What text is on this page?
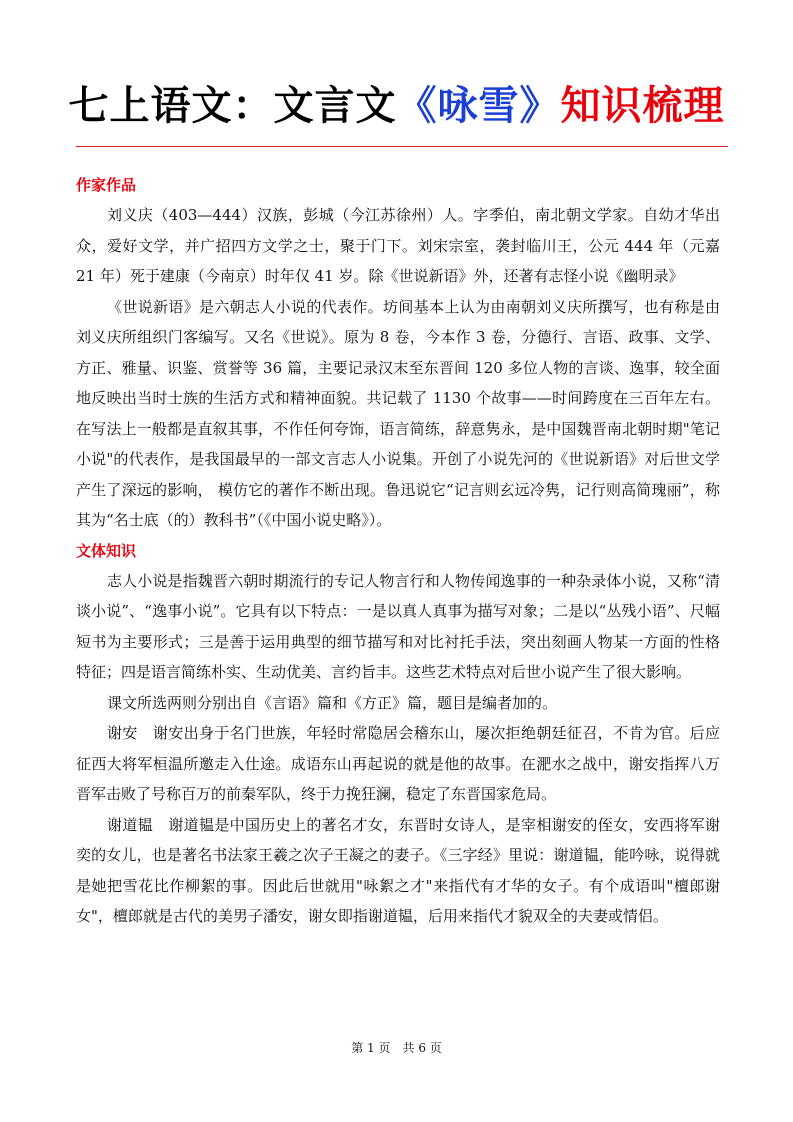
七上语文：文言文《咏雪》知识梳理
作家作品

刘义庆（403—444）汉族，彭城（今江苏徐州）人。字季伯，南北朝文学家。自幼才华出众，爱好文学，并广招四方文学之士，聚于门下。刘宋宗室，袭封临川王，公元 444 年（元嘉 21 年）死于建康（今南京）时年仅 41 岁。除《世说新语》外，还著有志怪小说《幽明录》

《世说新语》是六朝志人小说的代表作。坊间基本上认为由南朝刘义庆所撰写，也有称是由刘义庆所组织门客编写。又名《世说》。原为 8 卷，今本作 3 卷，分德行、言语、政事、文学、方正、雅量、识鉴、赏誉等 36 篇，主要记录汉末至东晋间 120 多位人物的言谈、逸事，较全面地反映出当时士族的生活方式和精神面貌。共记载了 1130 个故事——时间跨度在三百年左右。在写法上一般都是直叙其事，不作任何夸饰，语言简练，辞意隽永，是中国魏晋南北朝时期"笔记小说"的代表作，是我国最早的一部文言志人小说集。开创了小说先河的《世说新语》对后世文学产生了深远的影响， 模仿它的著作不断出现。鲁迅说它“记言则玄远冷隽，记行则高简瑰丽”，称其为“名士底（的）教科书”（《中国小说史略》）。

文体知识

志人小说是指魏晋六朝时期流行的专记人物言行和人物传闻逸事的一种杂录体小说，又称“清谈小说”、“逸事小说”。它具有以下特点：一是以真人真事为描写对象；二是以“丛残小语”、尺幅短书为主要形式；三是善于运用典型的细节描写和对比衬托手法，突出刻画人物某一方面的性格特征；四是语言简练朴实、生动优美、言约旨丰。这些艺术特点对后世小说产生了很大影响。

课文所选两则分别出自《言语》篇和《方正》篇，题目是编者加的。

谢安　谢安出身于名门世族，年轻时常隐居会稽东山，屡次拒绝朝廷征召，不肯为官。后应征西大将军桓温所邀走入仕途。成语东山再起说的就是他的故事。在淝水之战中，谢安指挥八万晋军击败了号称百万的前秦军队，终于力挽狂澜，稳定了东晋国家危局。

谢道韫　谢道韫是中国历史上的著名才女，东晋时女诗人，是宰相谢安的侄女，安西将军谢奕的女儿，也是著名书法家王羲之次子王凝之的妻子。《三字经》里说：谢道韫，能吟咏，说得就是她把雪花比作柳絮的事。因此后世就用"咏絮之才"来指代有才华的女子。有个成语叫"檀郎谢女"，檀郎就是古代的美男子潘安，谢女即指谢道韫，后用来指代才貌双全的夫妻或情侣。

第 1 页　共 6 页
